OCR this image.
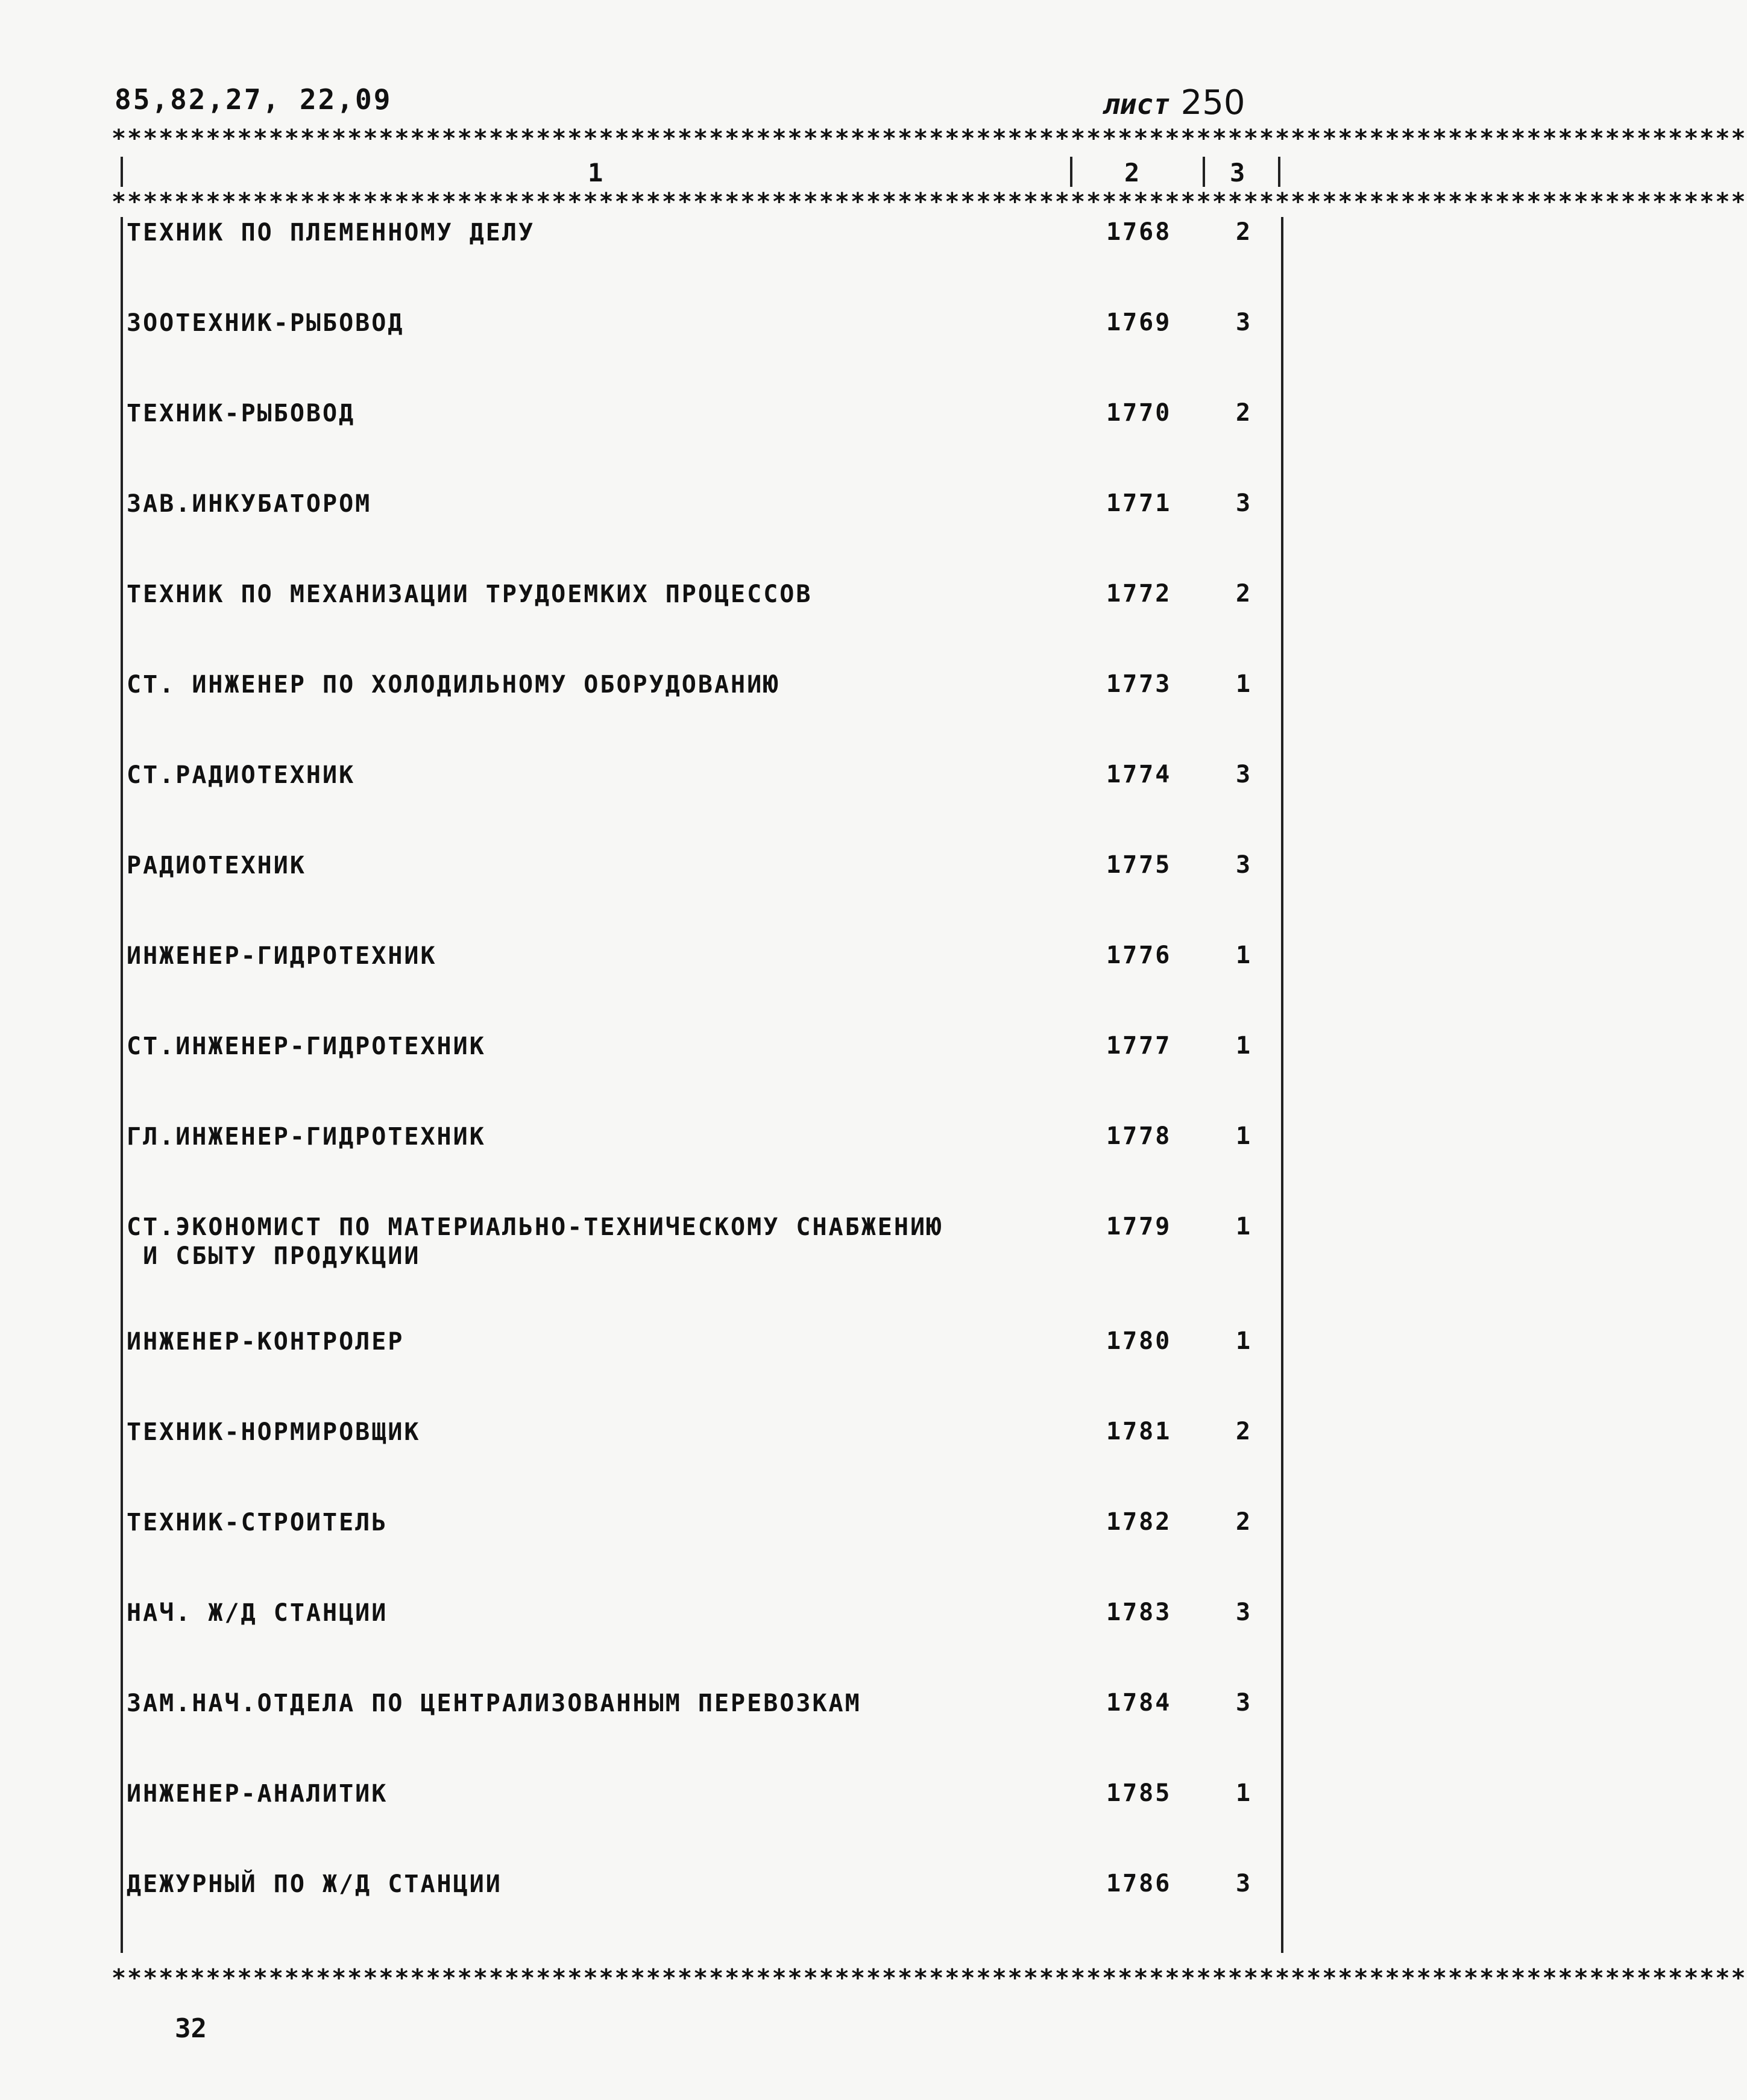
85,82,27, 22,09	лист 250
********************************************************************************************************
1	2	3
********************************************************************************************************
ТЕХНИК ПО ПЛЕМЕННОМУ ДЕЛУ	1768	2
ЗООТЕХНИК-РЫБОВОД	1769	3
ТЕХНИК-РЫБОВОД	1770	2
ЗАВ.ИНКУБАТОРОМ	1771	3
ТЕХНИК ПО МЕХАНИЗАЦИИ ТРУДОЕМКИХ ПРОЦЕССОВ	1772	2
СТ. ИНЖЕНЕР ПО ХОЛОДИЛЬНОМУ ОБОРУДОВАНИЮ	1773	1
СТ.РАДИОТЕХНИК	1774	3
РАДИОТЕХНИК	1775	3
ИНЖЕНЕР-ГИДРОТЕХНИК	1776	1
СТ.ИНЖЕНЕР-ГИДРОТЕХНИК	1777	1
ГЛ.ИНЖЕНЕР-ГИДРОТЕХНИК	1778	1
СТ.ЭКОНОМИСТ ПО МАТЕРИАЛЬНО-ТЕХНИЧЕСКОМУ СНАБЖЕНИЮ
И СБЫТУ ПРОДУКЦИИ
1779	1
ИНЖЕНЕР-КОНТРОЛЕР	1780	1
ТЕХНИК-НОРМИРОВЩИК	1781	2
ТЕХНИК-СТРОИТЕЛЬ	1782	2
НАЧ. Ж/Д СТАНЦИИ	1783	3
ЗАМ.НАЧ.ОТДЕЛА ПО ЦЕНТРАЛИЗОВАННЫМ ПЕРЕВОЗКАМ	1784	3
ИНЖЕНЕР-АНАЛИТИК	1785	1
ДЕЖУРНЫЙ ПО Ж/Д СТАНЦИИ	1786	3
********************************************************************************************************
32
